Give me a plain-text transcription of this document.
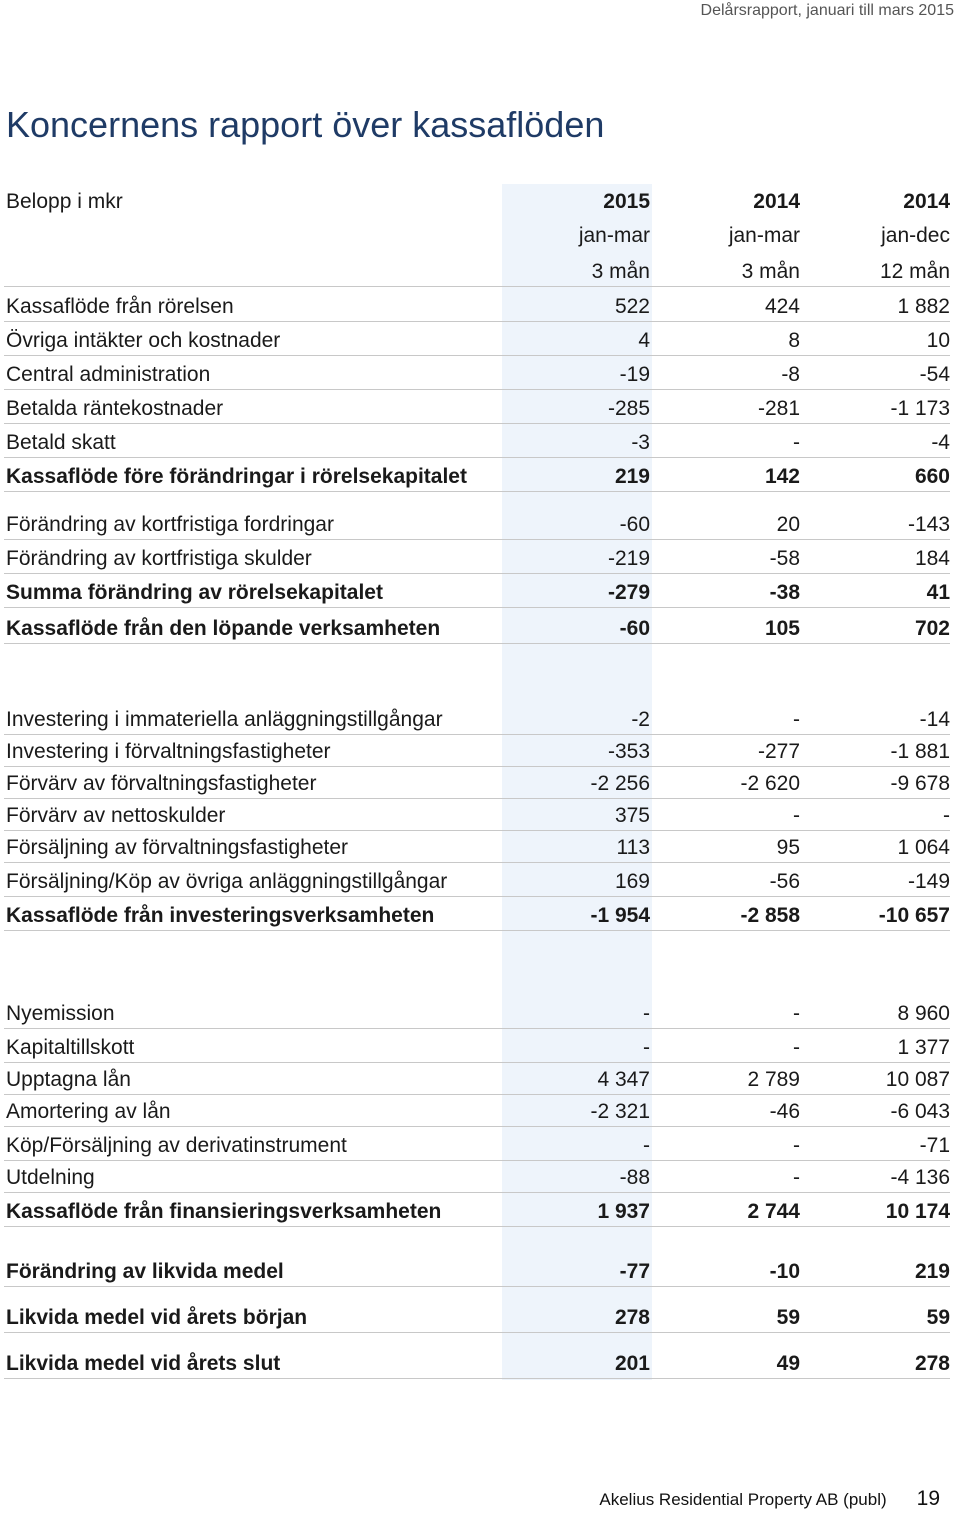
Delårsrapport, januari till mars 2015
Koncernens rapport över kassaflöden
Belopp i mkr	2015	2014	2014
jan-mar	jan-mar	jan-dec
3 mån	3 mån	12 mån
Kassaflöde från rörelsen	522	424	1 882
Övriga intäkter och kostnader	4	8	10
Central administration	-19	-8	-54
Betalda räntekostnader	-285	-281	-1 173
Betald skatt	-3	-	-4
Kassaflöde före förändringar i rörelsekapitalet	219	142	660
Förändring av kortfristiga fordringar	-60	20	-143
Förändring av kortfristiga skulder	-219	-58	184
Summa förändring av rörelsekapitalet	-279	-38	41
Kassaflöde från den löpande verksamheten	-60	105	702
Investering i immateriella anläggningstillgångar	-2	-	-14
Investering i förvaltningsfastigheter	-353	-277	-1 881
Förvärv av förvaltningsfastigheter	-2 256	-2 620	-9 678
Förvärv av nettoskulder	375	-	-
Försäljning av förvaltningsfastigheter	113	95	1 064
Försäljning/Köp av övriga anläggningstillgångar	169	-56	-149
Kassaflöde från investeringsverksamheten	-1 954	-2 858	-10 657
Nyemission	-	-	8 960
Kapitaltillskott	-	-	1 377
Upptagna lån	4 347	2 789	10 087
Amortering av lån	-2 321	-46	-6 043
Köp/Försäljning av derivatinstrument	-	-	-71
Utdelning	-88	-	-4 136
Kassaflöde från finansieringsverksamheten	1 937	2 744	10 174
Förändring av likvida medel	-77	-10	219
Likvida medel vid årets början	278	59	59
Likvida medel vid årets slut	201	49	278
Akelius Residential Property AB (publ) 19
